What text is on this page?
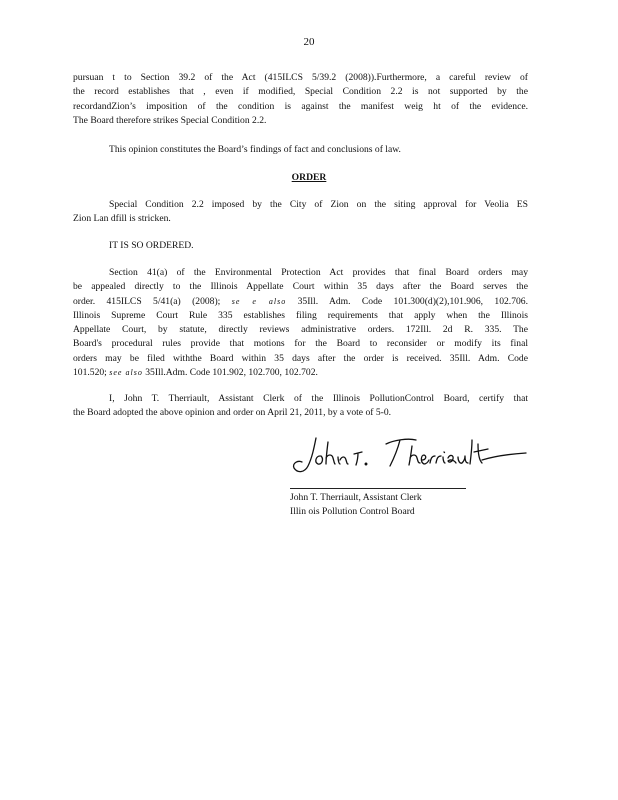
20
pursuan t to Section 39.2 of the Act (415ILCS 5/39.2 (2008)).Furthermore, a careful review of
the record establishes that , even if modified, Special Condition 2.2 is not supported by the
recordandZion’s imposition of the condition is against the manifest weig ht of the evidence.
The Board therefore strikes Special Condition 2.2.
This opinion constitutes the Board’s findings of fact and conclusions of law.
ORDER
Special Condition 2.2 imposed by the City of Zion on the siting approval for Veolia ES
Zion Lan dfill is stricken.
IT IS SO ORDERED.
Section 41(a) of the Environmental Protection Act provides that final Board orders may
be appealed directly to the Illinois Appellate Court within 35 days after the Board serves the
order. 415ILCS 5/41(a) (2008); se e also 35Ill. Adm. Code 101.300(d)(2),101.906, 102.706.
Illinois Supreme Court Rule 335 establishes filing requirements that apply when the Illinois
Appellate Court, by statute, directly reviews administrative orders. 172Ill. 2d R. 335. The
Board's procedural rules provide that motions for the Board to reconsider or modify its final
orders may be filed withthe Board within 35 days after the order is received. 35Ill. Adm. Code
101.520; see also 35Ill.Adm. Code 101.902, 102.700, 102.702.
I, John T. Therriault, Assistant Clerk of the Illinois PollutionControl Board, certify that
the Board adopted the above opinion and order on April 21, 2011, by a vote of 5-0.
John T. Therriault, Assistant Clerk
Illin ois Pollution Control Board
